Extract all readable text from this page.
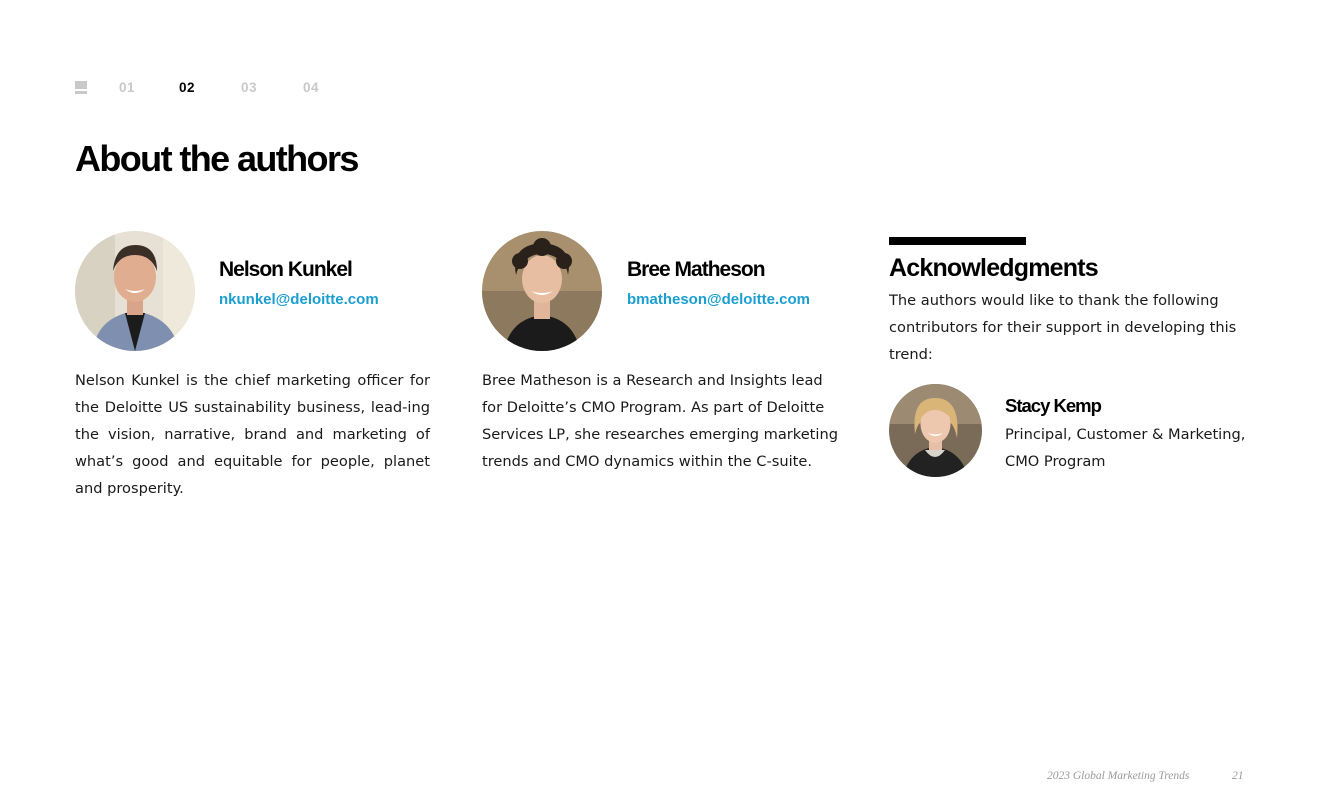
01	02	03	04
About the authors
Nelson Kunkel
nkunkel@deloitte.com

Nelson Kunkel is the chief marketing officer for the Deloitte US sustainability business, lead-ing the vision, narrative, brand and marketing of what’s good and equitable for people, planet and prosperity.

Bree Matheson
bmatheson@deloitte.com

Bree Matheson is a Research and Insights lead for Deloitte’s CMO Program. As part of Deloitte Services LP, she researches emerging marketing trends and CMO dynamics within the C-suite.

Acknowledgments

The authors would like to thank the following contributors for their support in developing this trend:

Stacy Kemp

Principal, Customer & Marketing, CMO Program

2023 Global Marketing Trends	21
